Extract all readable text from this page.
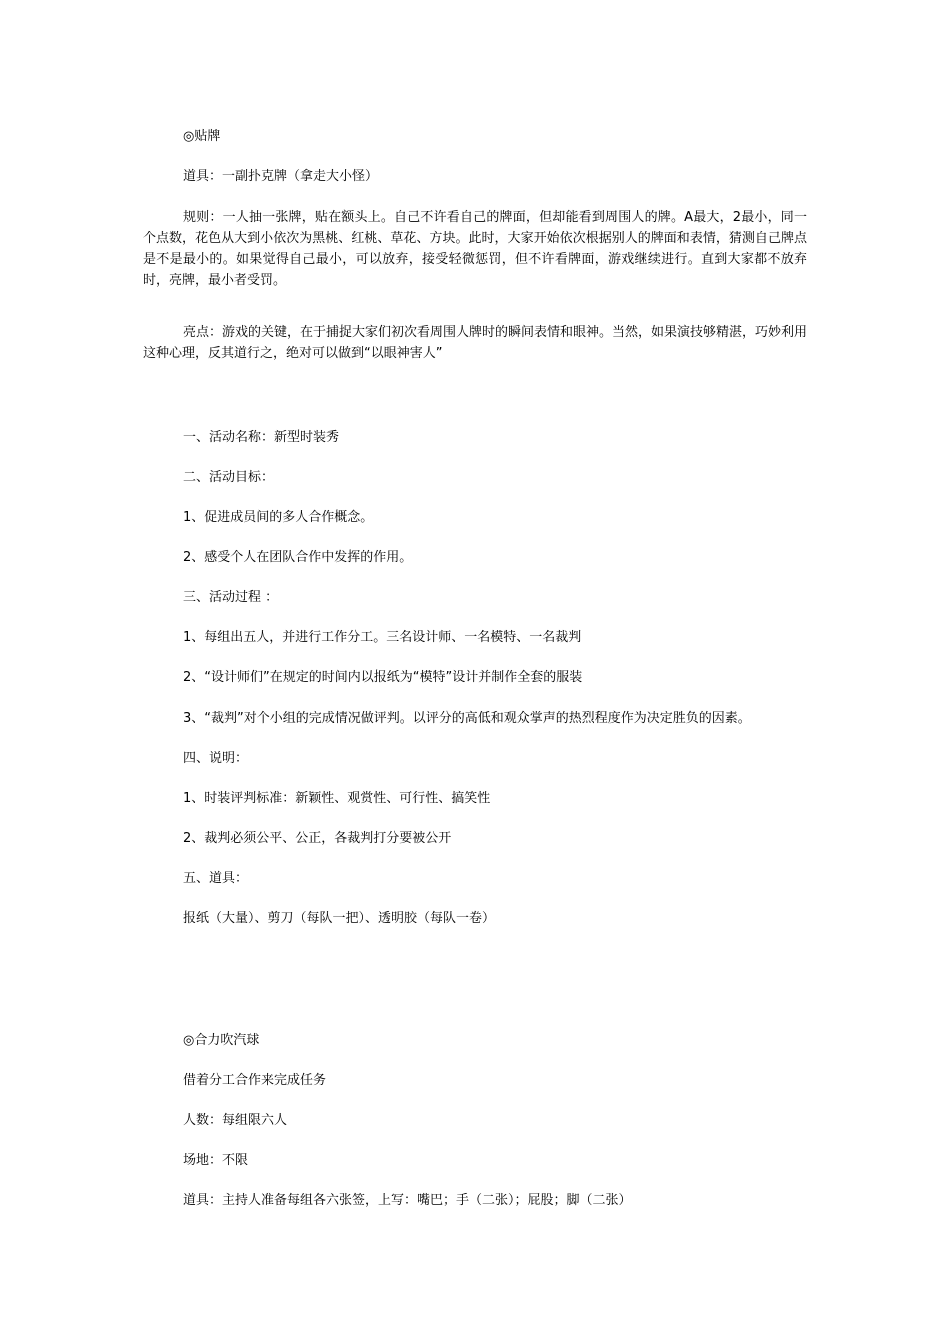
◎贴牌

道具：一副扑克牌（拿走大小怪）

规则：一人抽一张牌，贴在额头上。自己不许看自己的牌面，但却能看到周围人的牌。A最大，2最小，同一个点数，花色从大到小依次为黑桃、红桃、草花、方块。此时，大家开始依次根据别人的牌面和表情，猜测自己牌点是不是最小的。如果觉得自己最小，可以放弃，接受轻微惩罚，但不许看牌面，游戏继续进行。直到大家都不放弃时，亮牌，最小者受罚。

亮点：游戏的关键，在于捕捉大家们初次看周围人牌时的瞬间表情和眼神。当然，如果演技够精湛，巧妙利用这种心理，反其道行之，绝对可以做到“以眼神害人”

一、活动名称：新型时装秀

二、活动目标：

1、促进成员间的多人合作概念。

2、感受个人在团队合作中发挥的作用。

三、活动过程 ：

1、每组出五人，并进行工作分工。三名设计师、一名模特、一名裁判

2、“设计师们”在规定的时间内以报纸为“模特”设计并制作全套的服装

3、“裁判”对个小组的完成情况做评判。以评分的高低和观众掌声的热烈程度作为决定胜负的因素。

四、说明：

1、时装评判标准：新颖性、观赏性、可行性、搞笑性

2、裁判必须公平、公正，各裁判打分要被公开

五、道具：

报纸（大量）、剪刀（每队一把）、透明胶（每队一卷）

◎合力吹汽球

借着分工合作来完成任务

人数：每组限六人

场地：不限

道具：主持人准备每组各六张签，上写：嘴巴；手（二张）；屁股；脚（二张）
